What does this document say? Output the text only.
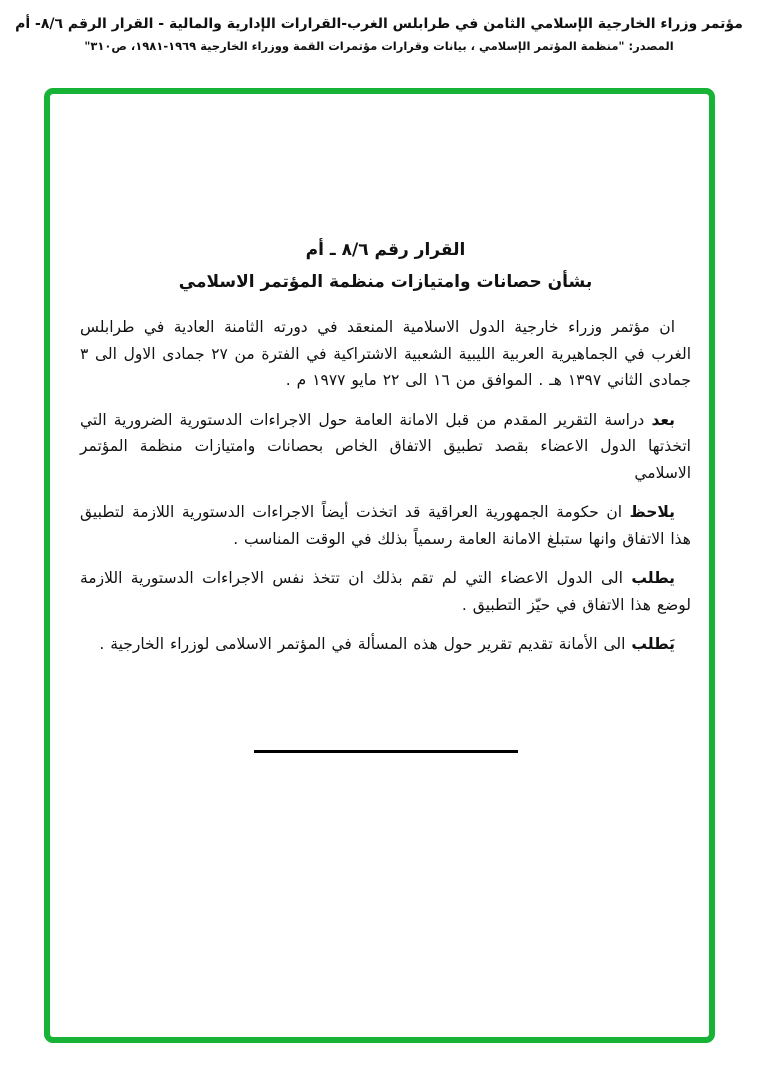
مؤتمر وزراء الخارجية الإسلامي الثامن في طرابلس الغرب-القرارات الإدارية والمالية - القرار الرقم ٨/٦- أم
المصدر: "منظمة المؤتمر الإسلامي ، بيانات وقرارات مؤتمرات القمة ووزراء الخارجية ١٩٦٩-١٩٨١، ص٣١٠"
القرار رقم ٨/٦ ـ أم
بشأن حصانات وامتيازات منظمة المؤتمر الاسلامي

ان مؤتمر وزراء خارجية الدول الاسلامية المنعقد في دورته الثامنة العادية في طرابلس الغرب في الجماهيرية العربية الليبية الشعبية الاشتراكية في الفترة من ٢٧ جمادى الاول الى ٣ جمادى الثاني ١٣٩٧ هـ . الموافق من ١٦ الى ٢٢ مايو ١٩٧٧ م .

بعد دراسة التقرير المقدم من قبل الامانة العامة حول الاجراءات الدستورية الضرورية التي اتخذتها الدول الاعضاء بقصد تطبيق الاتفاق الخاص بحصانات وامتيازات منظمة المؤتمر الاسلامي

يلاحظ ان حكومة الجمهورية العراقية قد اتخذت أيضاً الاجراءات الدستورية اللازمة لتطبيق هذا الاتفاق وانها ستبلغ الامانة العامة رسمياً بذلك في الوقت المناسب .

يطلب الى الدول الاعضاء التي لم تقم بذلك ان تتخذ نفس الاجراءات الدستورية اللازمة لوضع هذا الاتفاق في حيّز التطبيق .

يَطلب الى الأمانة تقديم تقرير حول هذه المسألة في المؤتمر الاسلامى لوزراء الخارجية .
